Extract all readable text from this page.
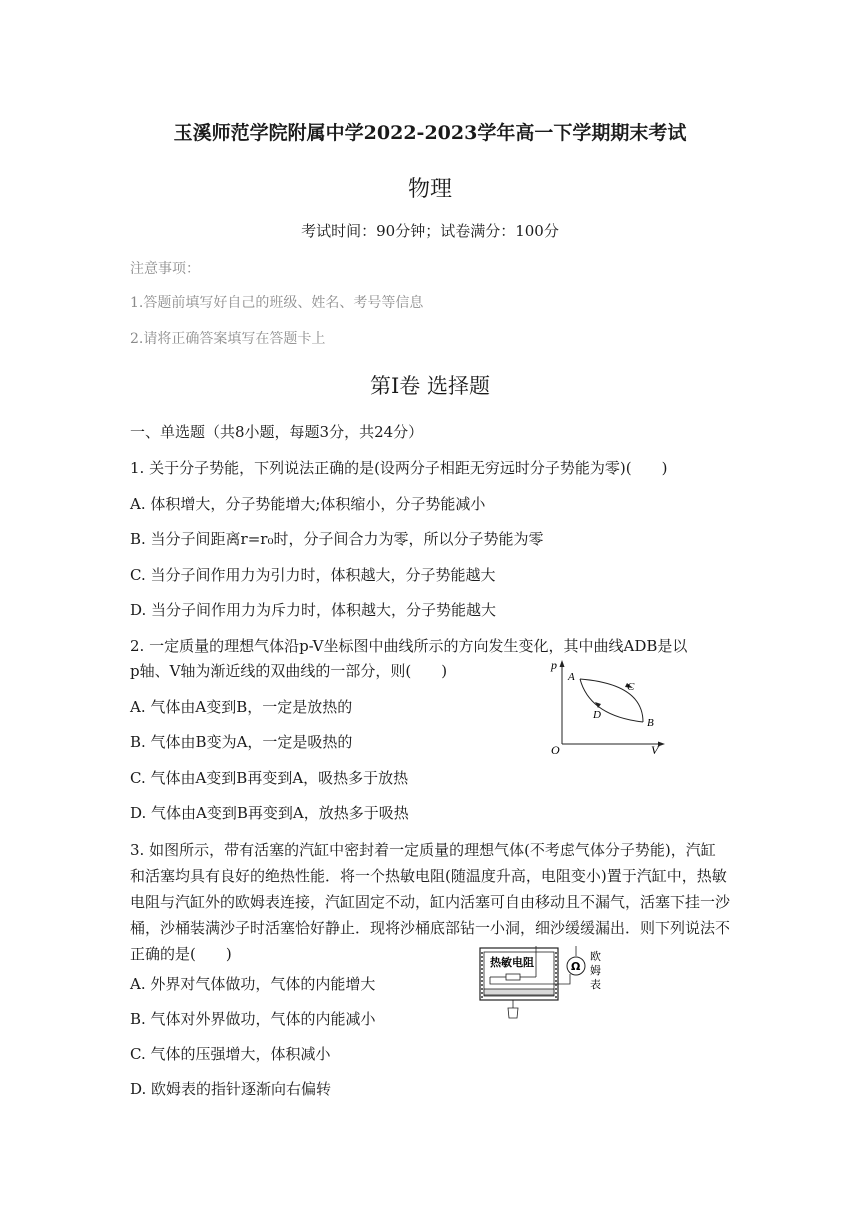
玉溪师范学院附属中学2022-2023学年高一下学期期末考试
物理
考试时间：90分钟；试卷满分：100分
注意事项：
1.答题前填写好自己的班级、姓名、考号等信息
2.请将正确答案填写在答题卡上
第Ⅰ卷 选择题
一、单选题（共8小题，每题3分，共24分）
1. 关于分子势能，下列说法正确的是(设两分子相距无穷远时分子势能为零)(　　)
A. 体积增大，分子势能增大;体积缩小，分子势能减小
B. 当分子间距离r=r₀时，分子间合力为零，所以分子势能为零
C. 当分子间作用力为引力时，体积越大，分子势能越大
D. 当分子间作用力为斥力时，体积越大，分子势能越大
2. 一定质量的理想气体沿p-V坐标图中曲线所示的方向发生变化，其中曲线ADB是以
p轴、V轴为渐近线的双曲线的一部分，则(　　)
A. 气体由A变到B，一定是放热的
B. 气体由B变为A，一定是吸热的
C. 气体由A变到B再变到A，吸热多于放热
D. 气体由A变到B再变到A，放热多于吸热
p
V
O
A
B
C
D
3. 如图所示，带有活塞的汽缸中密封着一定质量的理想气体(不考虑气体分子势能)，汽缸和活塞均具有良好的绝热性能．将一个热敏电阻(随温度升高，电阻变小)置于汽缸中，热敏电阻与汽缸外的欧姆表连接，汽缸固定不动，缸内活塞可自由移动且不漏气，活塞下挂一沙桶，沙桶装满沙子时活塞恰好静止．现将沙桶底部钻一小洞，细沙缓缓漏出．则下列说法不正确的是(　　)
A. 外界对气体做功，气体的内能增大
B. 气体对外界做功，气体的内能减小
C. 气体的压强增大，体积减小
D. 欧姆表的指针逐渐向右偏转
热敏电阻	Ω
欧
姆
表
